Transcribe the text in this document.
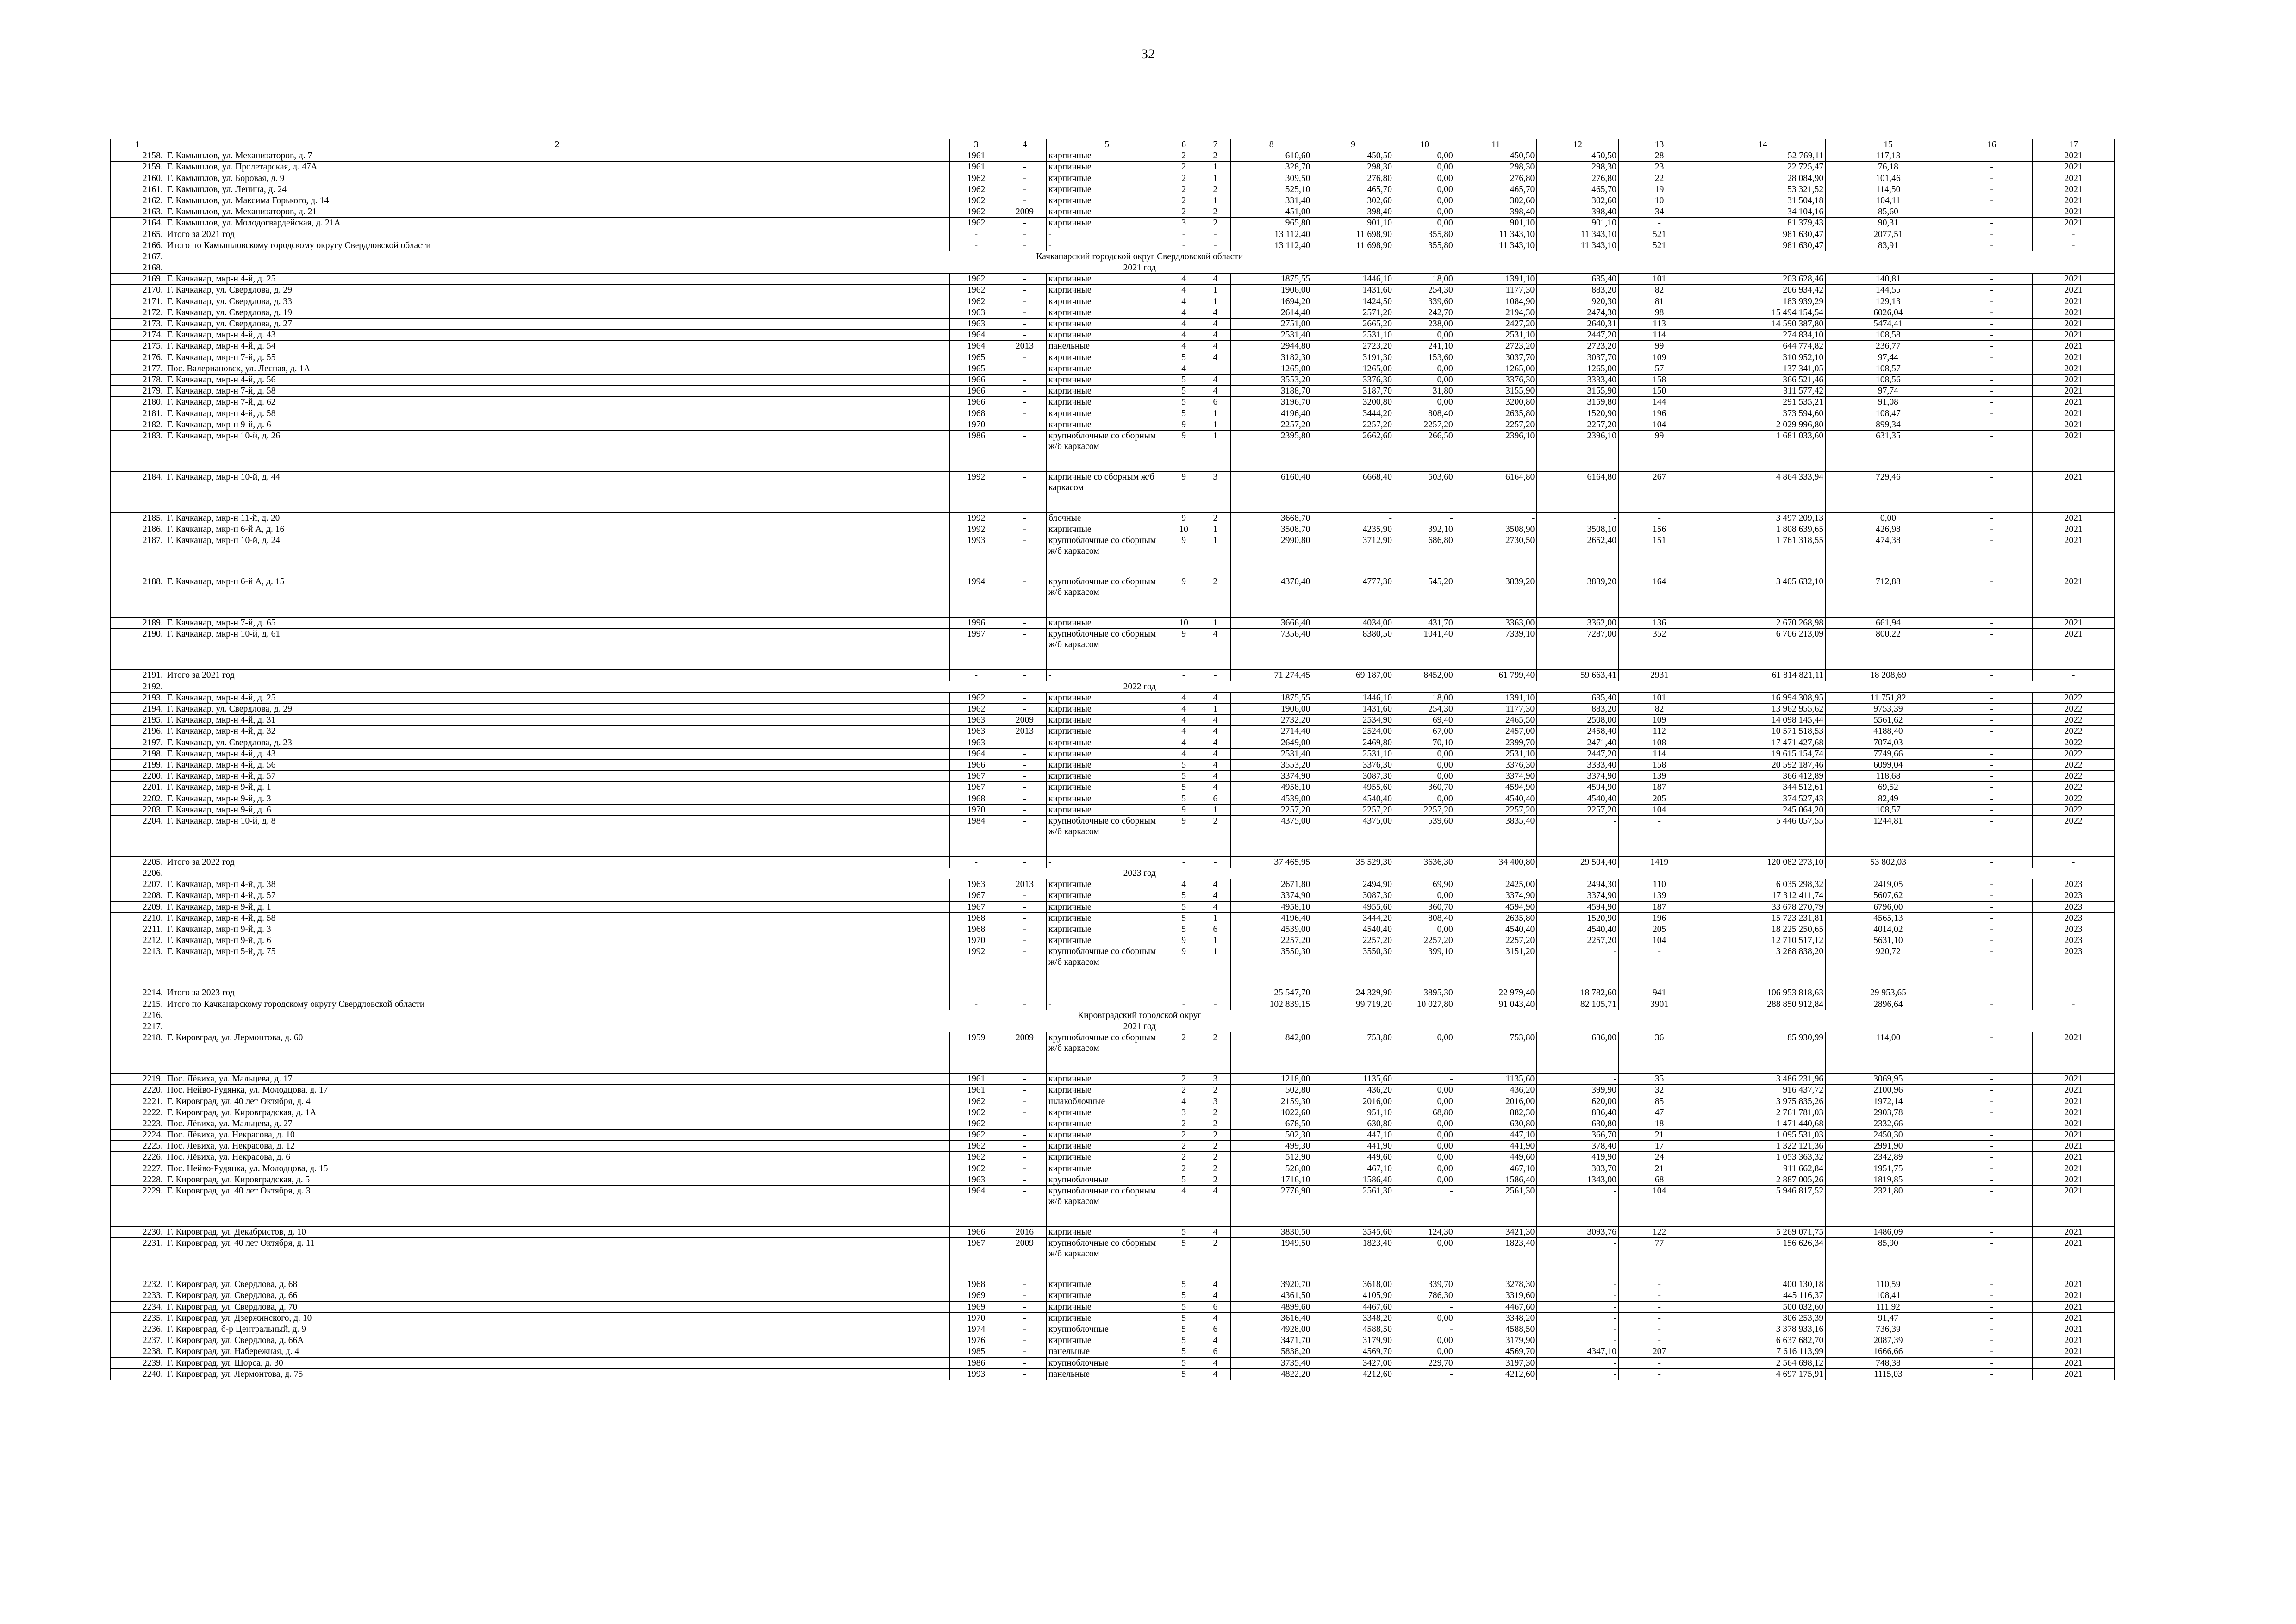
32
1	2	3	4	5	6	7	8	9	10	11	12	13	14	15	16	17
2158.	Г. Камышлов, ул. Механизаторов, д. 7	1961	-	кирпичные	2	2	610,60	450,50	0,00	450,50	450,50	28	52 769,11	117,13	-	2021
2159.	Г. Камышлов, ул. Пролетарская, д. 47А	1961	-	кирпичные	2	1	328,70	298,30	0,00	298,30	298,30	23	22 725,47	76,18	-	2021
2160.	Г. Камышлов, ул. Боровая, д. 9	1962	-	кирпичные	2	1	309,50	276,80	0,00	276,80	276,80	22	28 084,90	101,46	-	2021
2161.	Г. Камышлов, ул. Ленина, д. 24	1962	-	кирпичные	2	2	525,10	465,70	0,00	465,70	465,70	19	53 321,52	114,50	-	2021
2162.	Г. Камышлов, ул. Максима Горького, д. 14	1962	-	кирпичные	2	1	331,40	302,60	0,00	302,60	302,60	10	31 504,18	104,11	-	2021
2163.	Г. Камышлов, ул. Механизаторов, д. 21	1962	2009	кирпичные	2	2	451,00	398,40	0,00	398,40	398,40	34	34 104,16	85,60	-	2021
2164.	Г. Камышлов, ул. Молодогвардейская, д. 21А	1962	-	кирпичные	3	2	965,80	901,10	0,00	901,10	901,10	-	81 379,43	90,31	-	2021
2165.	Итого за 2021 год	-	-	-	-	-	13 112,40	11 698,90	355,80	11 343,10	11 343,10	521	981 630,47	2077,51	-	-
2166.	Итого по Камышловскому городскому округу Свердловской области	-	-	-	-	-	13 112,40	11 698,90	355,80	11 343,10	11 343,10	521	981 630,47	83,91	-	-
2167.	Качканарский городской округ Свердловской области															
2168.	2021 год															
2169.	Г. Качканар, мкр-н 4-й, д. 25	1962	-	кирпичные	4	4	1875,55	1446,10	18,00	1391,10	635,40	101	203 628,46	140,81	-	2021
2170.	Г. Качканар, ул. Свердлова, д. 29	1962	-	кирпичные	4	1	1906,00	1431,60	254,30	1177,30	883,20	82	206 934,42	144,55	-	2021
2171.	Г. Качканар, ул. Свердлова, д. 33	1962	-	кирпичные	4	1	1694,20	1424,50	339,60	1084,90	920,30	81	183 939,29	129,13	-	2021
2172.	Г. Качканар, ул. Свердлова, д. 19	1963	-	кирпичные	4	4	2614,40	2571,20	242,70	2194,30	2474,30	98	15 494 154,54	6026,04	-	2021
2173.	Г. Качканар, ул. Свердлова, д. 27	1963	-	кирпичные	4	4	2751,00	2665,20	238,00	2427,20	2640,31	113	14 590 387,80	5474,41	-	2021
2174.	Г. Качканар, мкр-н 4-й, д. 43	1964	-	кирпичные	4	4	2531,40	2531,10	0,00	2531,10	2447,20	114	274 834,10	108,58	-	2021
2175.	Г. Качканар, мкр-н 4-й, д. 54	1964	2013	панельные	4	4	2944,80	2723,20	241,10	2723,20	2723,20	99	644 774,82	236,77	-	2021
2176.	Г. Качканар, мкр-н 7-й, д. 55	1965	-	кирпичные	5	4	3182,30	3191,30	153,60	3037,70	3037,70	109	310 952,10	97,44	-	2021
2177.	Пос. Валериановск, ул. Лесная, д. 1А	1965	-	кирпичные	4	-	1265,00	1265,00	0,00	1265,00	1265,00	57	137 341,05	108,57	-	2021
2178.	Г. Качканар, мкр-н 4-й, д. 56	1966	-	кирпичные	5	4	3553,20	3376,30	0,00	3376,30	3333,40	158	366 521,46	108,56	-	2021
2179.	Г. Качканар, мкр-н 7-й, д. 58	1966	-	кирпичные	5	4	3188,70	3187,70	31,80	3155,90	3155,90	150	311 577,42	97,74	-	2021
2180.	Г. Качканар, мкр-н 7-й, д. 62	1966	-	кирпичные	5	6	3196,70	3200,80	0,00	3200,80	3159,80	144	291 535,21	91,08	-	2021
2181.	Г. Качканар, мкр-н 4-й, д. 58	1968	-	кирпичные	5	1	4196,40	3444,20	808,40	2635,80	1520,90	196	373 594,60	108,47	-	2021
2182.	Г. Качканар, мкр-н 9-й, д. 6	1970	-	кирпичные	9	1	2257,20	2257,20	2257,20	2257,20	2257,20	104	2 029 996,80	899,34	-	2021
2183.	Г. Качканар, мкр-н 10-й, д. 26	1986	-	крупноблочные со сборным ж/б каркасом	9	1	2395,80	2662,60	266,50	2396,10	2396,10	99	1 681 033,60	631,35	-	2021
2184.	Г. Качканар, мкр-н 10-й, д. 44	1992	-	кирпичные со сборным ж/б каркасом	9	3	6160,40	6668,40	503,60	6164,80	6164,80	267	4 864 333,94	729,46	-	2021
2185.	Г. Качканар, мкр-н 11-й, д. 20	1992	-	блочные	9	2	3668,70	-	-	-	-	-	3 497 209,13	0,00	-	2021
2186.	Г. Качканар, мкр-н 6-й А, д. 16	1992	-	кирпичные	10	1	3508,70	4235,90	392,10	3508,90	3508,10	156	1 808 639,65	426,98	-	2021
2187.	Г. Качканар, мкр-н 10-й, д. 24	1993	-	крупноблочные со сборным ж/б каркасом	9	1	2990,80	3712,90	686,80	2730,50	2652,40	151	1 761 318,55	474,38	-	2021
2188.	Г. Качканар, мкр-н 6-й А, д. 15	1994	-	крупноблочные со сборным ж/б каркасом	9	2	4370,40	4777,30	545,20	3839,20	3839,20	164	3 405 632,10	712,88	-	2021
2189.	Г. Качканар, мкр-н 7-й, д. 65	1996	-	кирпичные	10	1	3666,40	4034,00	431,70	3363,00	3362,00	136	2 670 268,98	661,94	-	2021
2190.	Г. Качканар, мкр-н 10-й, д. 61	1997	-	крупноблочные со сборным ж/б каркасом	9	4	7356,40	8380,50	1041,40	7339,10	7287,00	352	6 706 213,09	800,22	-	2021
2191.	Итого за 2021 год	-	-	-	-	-	71 274,45	69 187,00	8452,00	61 799,40	59 663,41	2931	61 814 821,11	18 208,69	-	-
2192.	2022 год															
2193.	Г. Качканар, мкр-н 4-й, д. 25	1962	-	кирпичные	4	4	1875,55	1446,10	18,00	1391,10	635,40	101	16 994 308,95	11 751,82	-	2022
2194.	Г. Качканар, ул. Свердлова, д. 29	1962	-	кирпичные	4	1	1906,00	1431,60	254,30	1177,30	883,20	82	13 962 955,62	9753,39	-	2022
2195.	Г. Качканар, мкр-н 4-й, д. 31	1963	2009	кирпичные	4	4	2732,20	2534,90	69,40	2465,50	2508,00	109	14 098 145,44	5561,62	-	2022
2196.	Г. Качканар, мкр-н 4-й, д. 32	1963	2013	кирпичные	4	4	2714,40	2524,00	67,00	2457,00	2458,40	112	10 571 518,53	4188,40	-	2022
2197.	Г. Качканар, ул. Свердлова, д. 23	1963	-	кирпичные	4	4	2649,00	2469,80	70,10	2399,70	2471,40	108	17 471 427,68	7074,03	-	2022
2198.	Г. Качканар, мкр-н 4-й, д. 43	1964	-	кирпичные	4	4	2531,40	2531,10	0,00	2531,10	2447,20	114	19 615 154,74	7749,66	-	2022
2199.	Г. Качканар, мкр-н 4-й, д. 56	1966	-	кирпичные	5	4	3553,20	3376,30	0,00	3376,30	3333,40	158	20 592 187,46	6099,04	-	2022
2200.	Г. Качканар, мкр-н 4-й, д. 57	1967	-	кирпичные	5	4	3374,90	3087,30	0,00	3374,90	3374,90	139	366 412,89	118,68	-	2022
2201.	Г. Качканар, мкр-н 9-й, д. 1	1967	-	кирпичные	5	4	4958,10	4955,60	360,70	4594,90	4594,90	187	344 512,61	69,52	-	2022
2202.	Г. Качканар, мкр-н 9-й, д. 3	1968	-	кирпичные	5	6	4539,00	4540,40	0,00	4540,40	4540,40	205	374 527,43	82,49	-	2022
2203.	Г. Качканар, мкр-н 9-й, д. 6	1970	-	кирпичные	9	1	2257,20	2257,20	2257,20	2257,20	2257,20	104	245 064,20	108,57	-	2022
2204.	Г. Качканар, мкр-н 10-й, д. 8	1984	-	крупноблочные со сборным ж/б каркасом	9	2	4375,00	4375,00	539,60	3835,40	-	-	5 446 057,55	1244,81	-	2022
2205.	Итого за 2022 год	-	-	-	-	-	37 465,95	35 529,30	3636,30	34 400,80	29 504,40	1419	120 082 273,10	53 802,03	-	-
2206.	2023 год															
2207.	Г. Качканар, мкр-н 4-й, д. 38	1963	2013	кирпичные	4	4	2671,80	2494,90	69,90	2425,00	2494,30	110	6 035 298,32	2419,05	-	2023
2208.	Г. Качканар, мкр-н 4-й, д. 57	1967	-	кирпичные	5	4	3374,90	3087,30	0,00	3374,90	3374,90	139	17 312 411,74	5607,62	-	2023
2209.	Г. Качканар, мкр-н 9-й, д. 1	1967	-	кирпичные	5	4	4958,10	4955,60	360,70	4594,90	4594,90	187	33 678 270,79	6796,00	-	2023
2210.	Г. Качканар, мкр-н 4-й, д. 58	1968	-	кирпичные	5	1	4196,40	3444,20	808,40	2635,80	1520,90	196	15 723 231,81	4565,13	-	2023
2211.	Г. Качканар, мкр-н 9-й, д. 3	1968	-	кирпичные	5	6	4539,00	4540,40	0,00	4540,40	4540,40	205	18 225 250,65	4014,02	-	2023
2212.	Г. Качканар, мкр-н 9-й, д. 6	1970	-	кирпичные	9	1	2257,20	2257,20	2257,20	2257,20	2257,20	104	12 710 517,12	5631,10	-	2023
2213.	Г. Качканар, мкр-н 5-й, д. 75	1992	-	крупноблочные со сборным ж/б каркасом	9	1	3550,30	3550,30	399,10	3151,20	-	-	3 268 838,20	920,72	-	2023
2214.	Итого за 2023 год	-	-	-	-	-	25 547,70	24 329,90	3895,30	22 979,40	18 782,60	941	106 953 818,63	29 953,65	-	-
2215.	Итого по Качканарскому городскому округу Свердловской области	-	-	-	-	-	102 839,15	99 719,20	10 027,80	91 043,40	82 105,71	3901	288 850 912,84	2896,64	-	-
2216.	Кировградский городской округ															
2217.	2021 год															
2218.	Г. Кировград, ул. Лермонтова, д. 60	1959	2009	крупноблочные со сборным ж/б каркасом	2	2	842,00	753,80	0,00	753,80	636,00	36	85 930,99	114,00	-	2021
2219.	Пос. Лёвиха, ул. Мальцева, д. 17	1961	-	кирпичные	2	3	1218,00	1135,60	-	1135,60	-	35	3 486 231,96	3069,95	-	2021
2220.	Пос. Нейво-Рудянка, ул. Молодцова, д. 17	1961	-	кирпичные	2	2	502,80	436,20	0,00	436,20	399,90	32	916 437,72	2100,96	-	2021
2221.	Г. Кировград, ул. 40 лет Октября, д. 4	1962	-	шлакоблочные	4	3	2159,30	2016,00	0,00	2016,00	620,00	85	3 975 835,26	1972,14	-	2021
2222.	Г. Кировград, ул. Кировградская, д. 1А	1962	-	кирпичные	3	2	1022,60	951,10	68,80	882,30	836,40	47	2 761 781,03	2903,78	-	2021
2223.	Пос. Лёвиха, ул. Мальцева, д. 27	1962	-	кирпичные	2	2	678,50	630,80	0,00	630,80	630,80	18	1 471 440,68	2332,66	-	2021
2224.	Пос. Лёвиха, ул. Некрасова, д. 10	1962	-	кирпичные	2	2	502,30	447,10	0,00	447,10	366,70	21	1 095 531,03	2450,30	-	2021
2225.	Пос. Лёвиха, ул. Некрасова, д. 12	1962	-	кирпичные	2	2	499,30	441,90	0,00	441,90	378,40	17	1 322 121,36	2991,90	-	2021
2226.	Пос. Лёвиха, ул. Некрасова, д. 6	1962	-	кирпичные	2	2	512,90	449,60	0,00	449,60	419,90	24	1 053 363,32	2342,89	-	2021
2227.	Пос. Нейво-Рудянка, ул. Молодцова, д. 15	1962	-	кирпичные	2	2	526,00	467,10	0,00	467,10	303,70	21	911 662,84	1951,75	-	2021
2228.	Г. Кировград, ул. Кировградская, д. 5	1963	-	крупноблочные	5	2	1716,10	1586,40	0,00	1586,40	1343,00	68	2 887 005,26	1819,85	-	2021
2229.	Г. Кировград, ул. 40 лет Октября, д. 3	1964	-	крупноблочные со сборным ж/б каркасом	4	4	2776,90	2561,30	-	2561,30	-	104	5 946 817,52	2321,80	-	2021
2230.	Г. Кировград, ул. Декабристов, д. 10	1966	2016	кирпичные	5	4	3830,50	3545,60	124,30	3421,30	3093,76	122	5 269 071,75	1486,09	-	2021
2231.	Г. Кировград, ул. 40 лет Октября, д. 11	1967	2009	крупноблочные со сборным ж/б каркасом	5	2	1949,50	1823,40	0,00	1823,40	-	77	156 626,34	85,90	-	2021
2232.	Г. Кировград, ул. Свердлова, д. 68	1968	-	кирпичные	5	4	3920,70	3618,00	339,70	3278,30	-	-	400 130,18	110,59	-	2021
2233.	Г. Кировград, ул. Свердлова, д. 66	1969	-	кирпичные	5	4	4361,50	4105,90	786,30	3319,60	-	-	445 116,37	108,41	-	2021
2234.	Г. Кировград, ул. Свердлова, д. 70	1969	-	кирпичные	5	6	4899,60	4467,60	-	4467,60	-	-	500 032,60	111,92	-	2021
2235.	Г. Кировград, ул. Дзержинского, д. 10	1970	-	кирпичные	5	4	3616,40	3348,20	0,00	3348,20	-	-	306 253,39	91,47	-	2021
2236.	Г. Кировград, б-р Центральный, д. 9	1974	-	крупноблочные	5	6	4928,00	4588,50	-	4588,50	-	-	3 378 933,16	736,39	-	2021
2237.	Г. Кировград, ул. Свердлова, д. 66А	1976	-	кирпичные	5	4	3471,70	3179,90	0,00	3179,90	-	-	6 637 682,70	2087,39	-	2021
2238.	Г. Кировград, ул. Набережная, д. 4	1985	-	панельные	5	6	5838,20	4569,70	0,00	4569,70	4347,10	207	7 616 113,99	1666,66	-	2021
2239.	Г. Кировград, ул. Щорса, д. 30	1986	-	крупноблочные	5	4	3735,40	3427,00	229,70	3197,30	-	-	2 564 698,12	748,38	-	2021
2240.	Г. Кировград, ул. Лермонтова, д. 75	1993	-	панельные	5	4	4822,20	4212,60	-	4212,60	-	-	4 697 175,91	1115,03	-	2021
